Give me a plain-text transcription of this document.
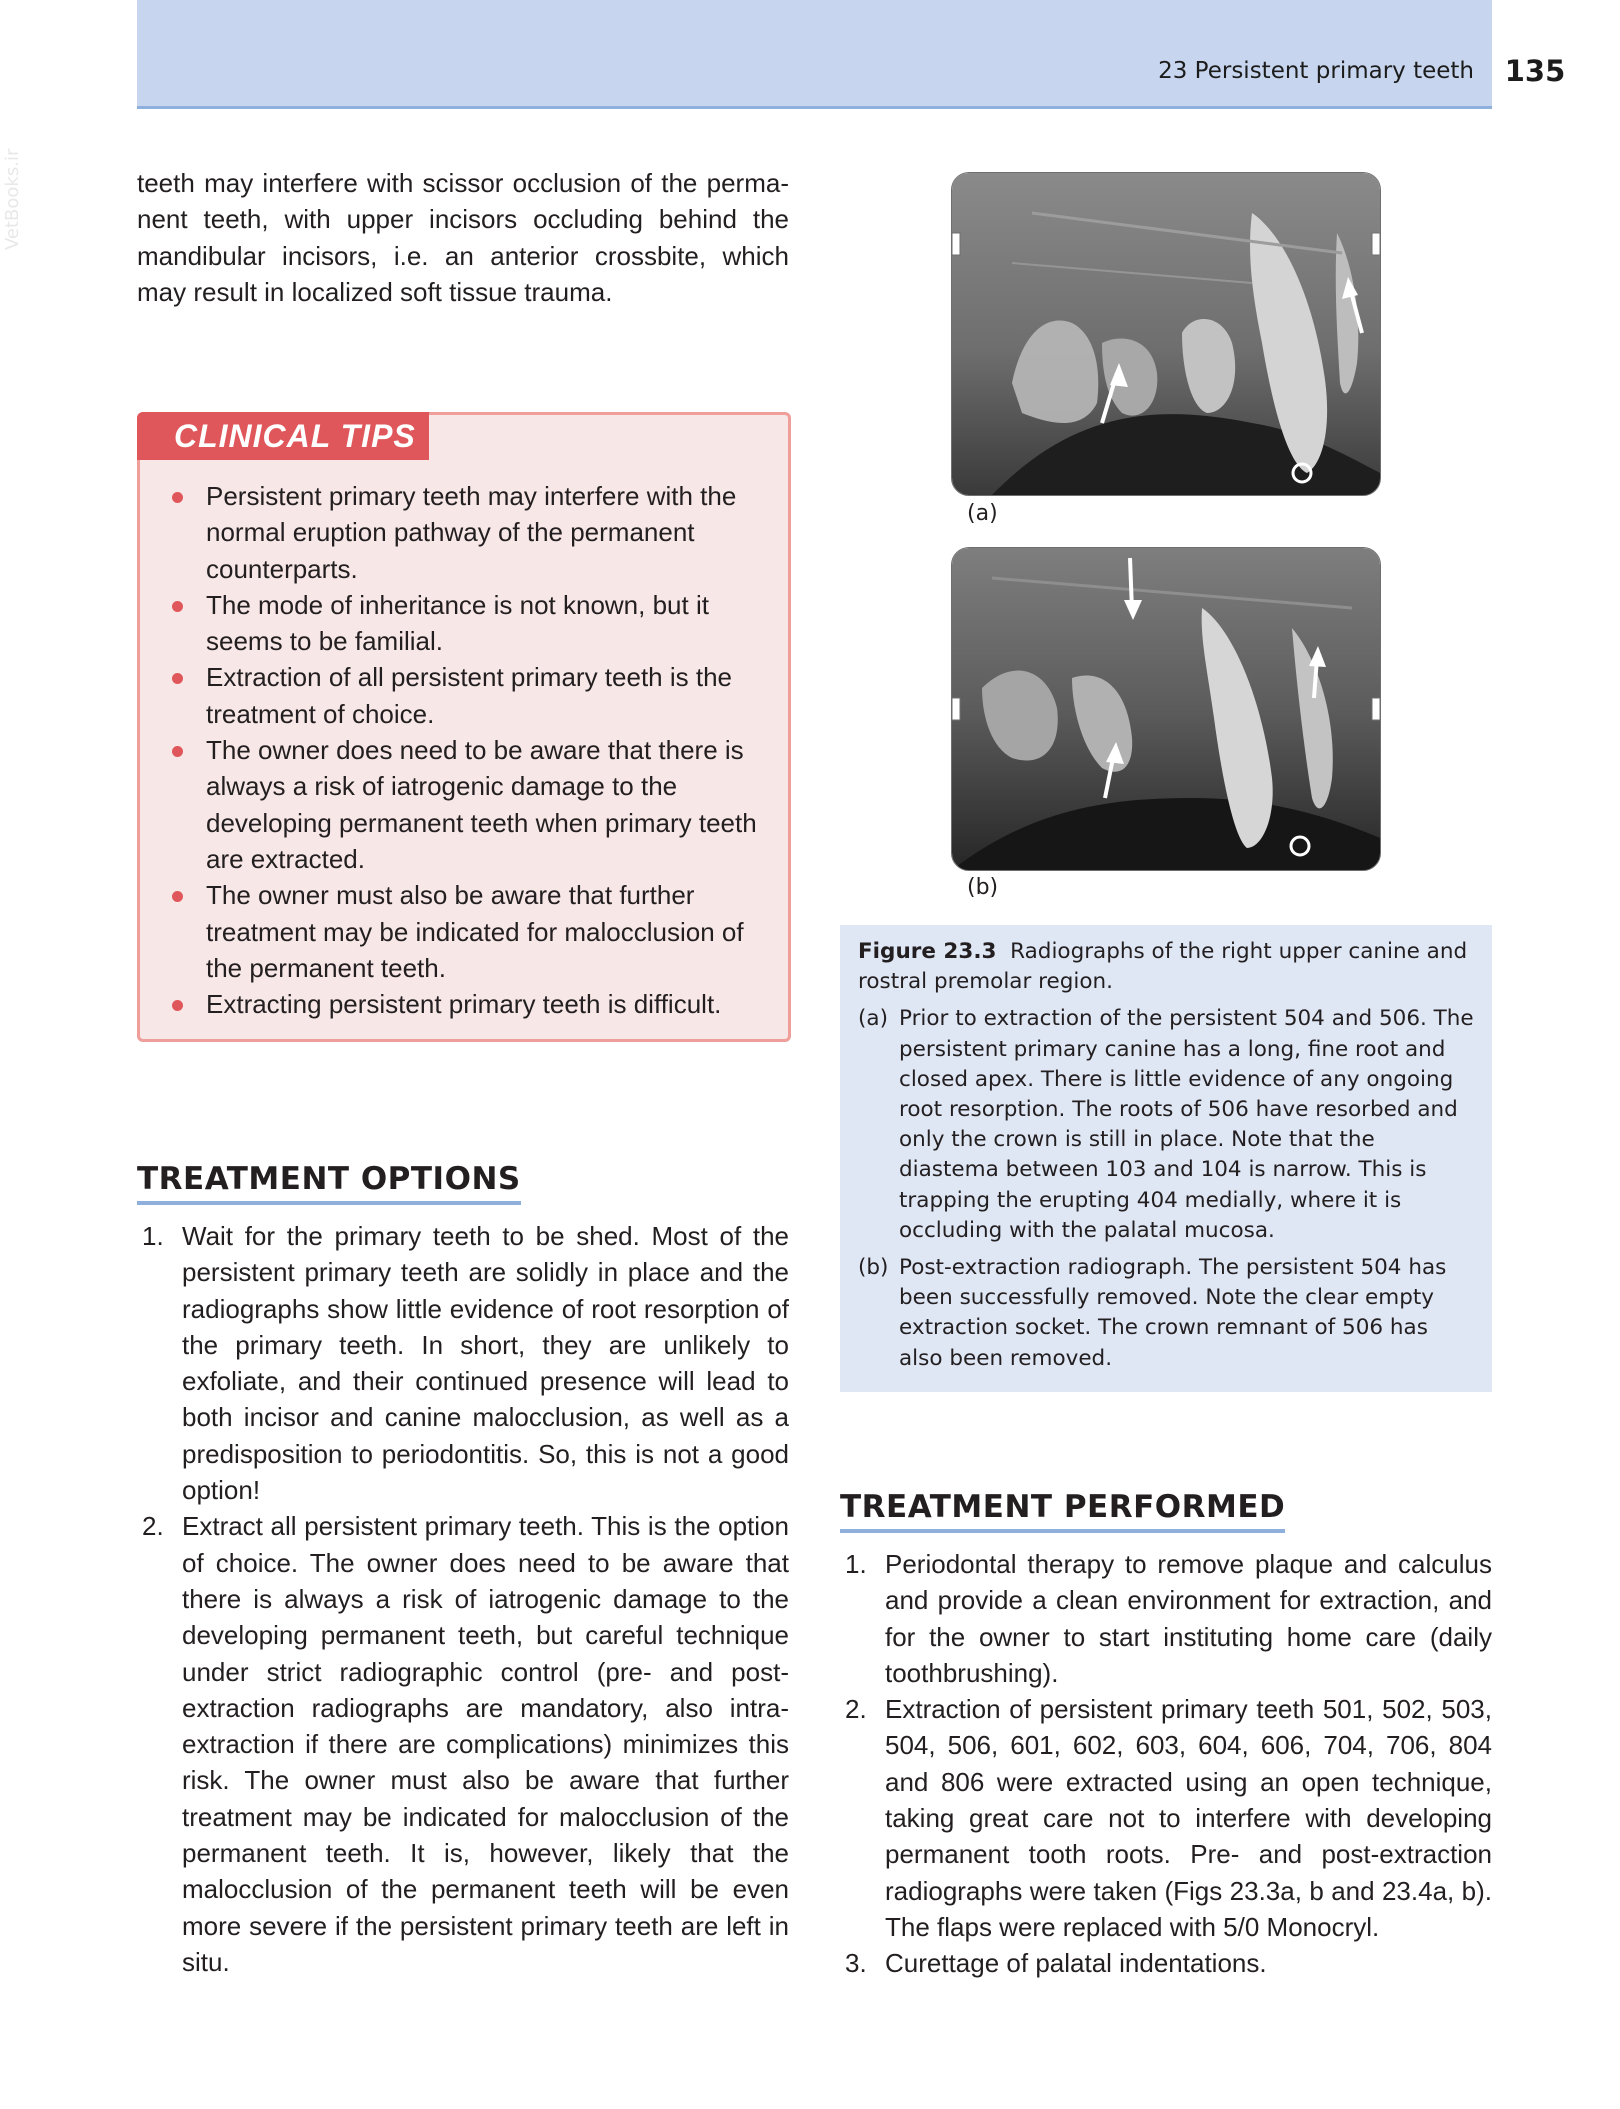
23 Persistent primary teeth 135
VetBooks.ir	teeth may interfere with scissor occlusion of the perma-nent teeth, with upper incisors occluding behind the mandibular incisors, i.e. an anterior crossbite, which may result in localized soft tissue trauma.
CLINICAL TIPS
Persistent primary teeth may interfere with the normal eruption pathway of the permanent counterparts.
The mode of inheritance is not known, but it seems to be familial.
Extraction of all persistent primary teeth is the treatment of choice.
The owner does need to be aware that there is always a risk of iatrogenic damage to the developing permanent teeth when primary teeth are extracted.
The owner must also be aware that further treatment may be indicated for malocclusion of the permanent teeth.
Extracting persistent primary teeth is difficult.
TREATMENT OPTIONS
1. Wait for the primary teeth to be shed. Most of the persistent primary teeth are solidly in place and the radiographs show little evidence of root resorption of the primary teeth. In short, they are unlikely to exfoliate, and their continued presence will lead to both incisor and canine malocclusion, as well as a predisposition to periodontitis. So, this is not a good option!
2. Extract all persistent primary teeth. This is the option of choice. The owner does need to be aware that there is always a risk of iatrogenic damage to the developing permanent teeth, but careful technique under strict radiographic control (pre- and post-extraction radiographs are mandatory, also intra-extraction if there are complications) minimizes this risk. The owner must also be aware that further treatment may be indicated for malocclusion of the permanent teeth. It is, however, likely that the malocclusion of the permanent teeth will be even more severe if the persistent primary teeth are left in situ.
(a)
(b)
Figure 23.3 Radiographs of the right upper canine and rostral premolar region.
(a) Prior to extraction of the persistent 504 and 506. The persistent primary canine has a long, fine root and closed apex. There is little evidence of any ongoing root resorption. The roots of 506 have resorbed and only the crown is still in place. Note that the diastema between 103 and 104 is narrow. This is trapping the erupting 404 medially, where it is occluding with the palatal mucosa.
(b) Post-extraction radiograph. The persistent 504 has been successfully removed. Note the clear empty extraction socket. The crown remnant of 506 has also been removed.
TREATMENT PERFORMED
1. Periodontal therapy to remove plaque and calculus and provide a clean environment for extraction, and for the owner to start instituting home care (daily toothbrushing).
2. Extraction of persistent primary teeth 501, 502, 503, 504, 506, 601, 602, 603, 604, 606, 704, 706, 804 and 806 were extracted using an open technique, taking great care not to interfere with developing permanent tooth roots. Pre- and post-extraction radiographs were taken (Figs 23.3a, b and 23.4a, b). The flaps were replaced with 5/0 Monocryl.
3. Curettage of palatal indentations.
